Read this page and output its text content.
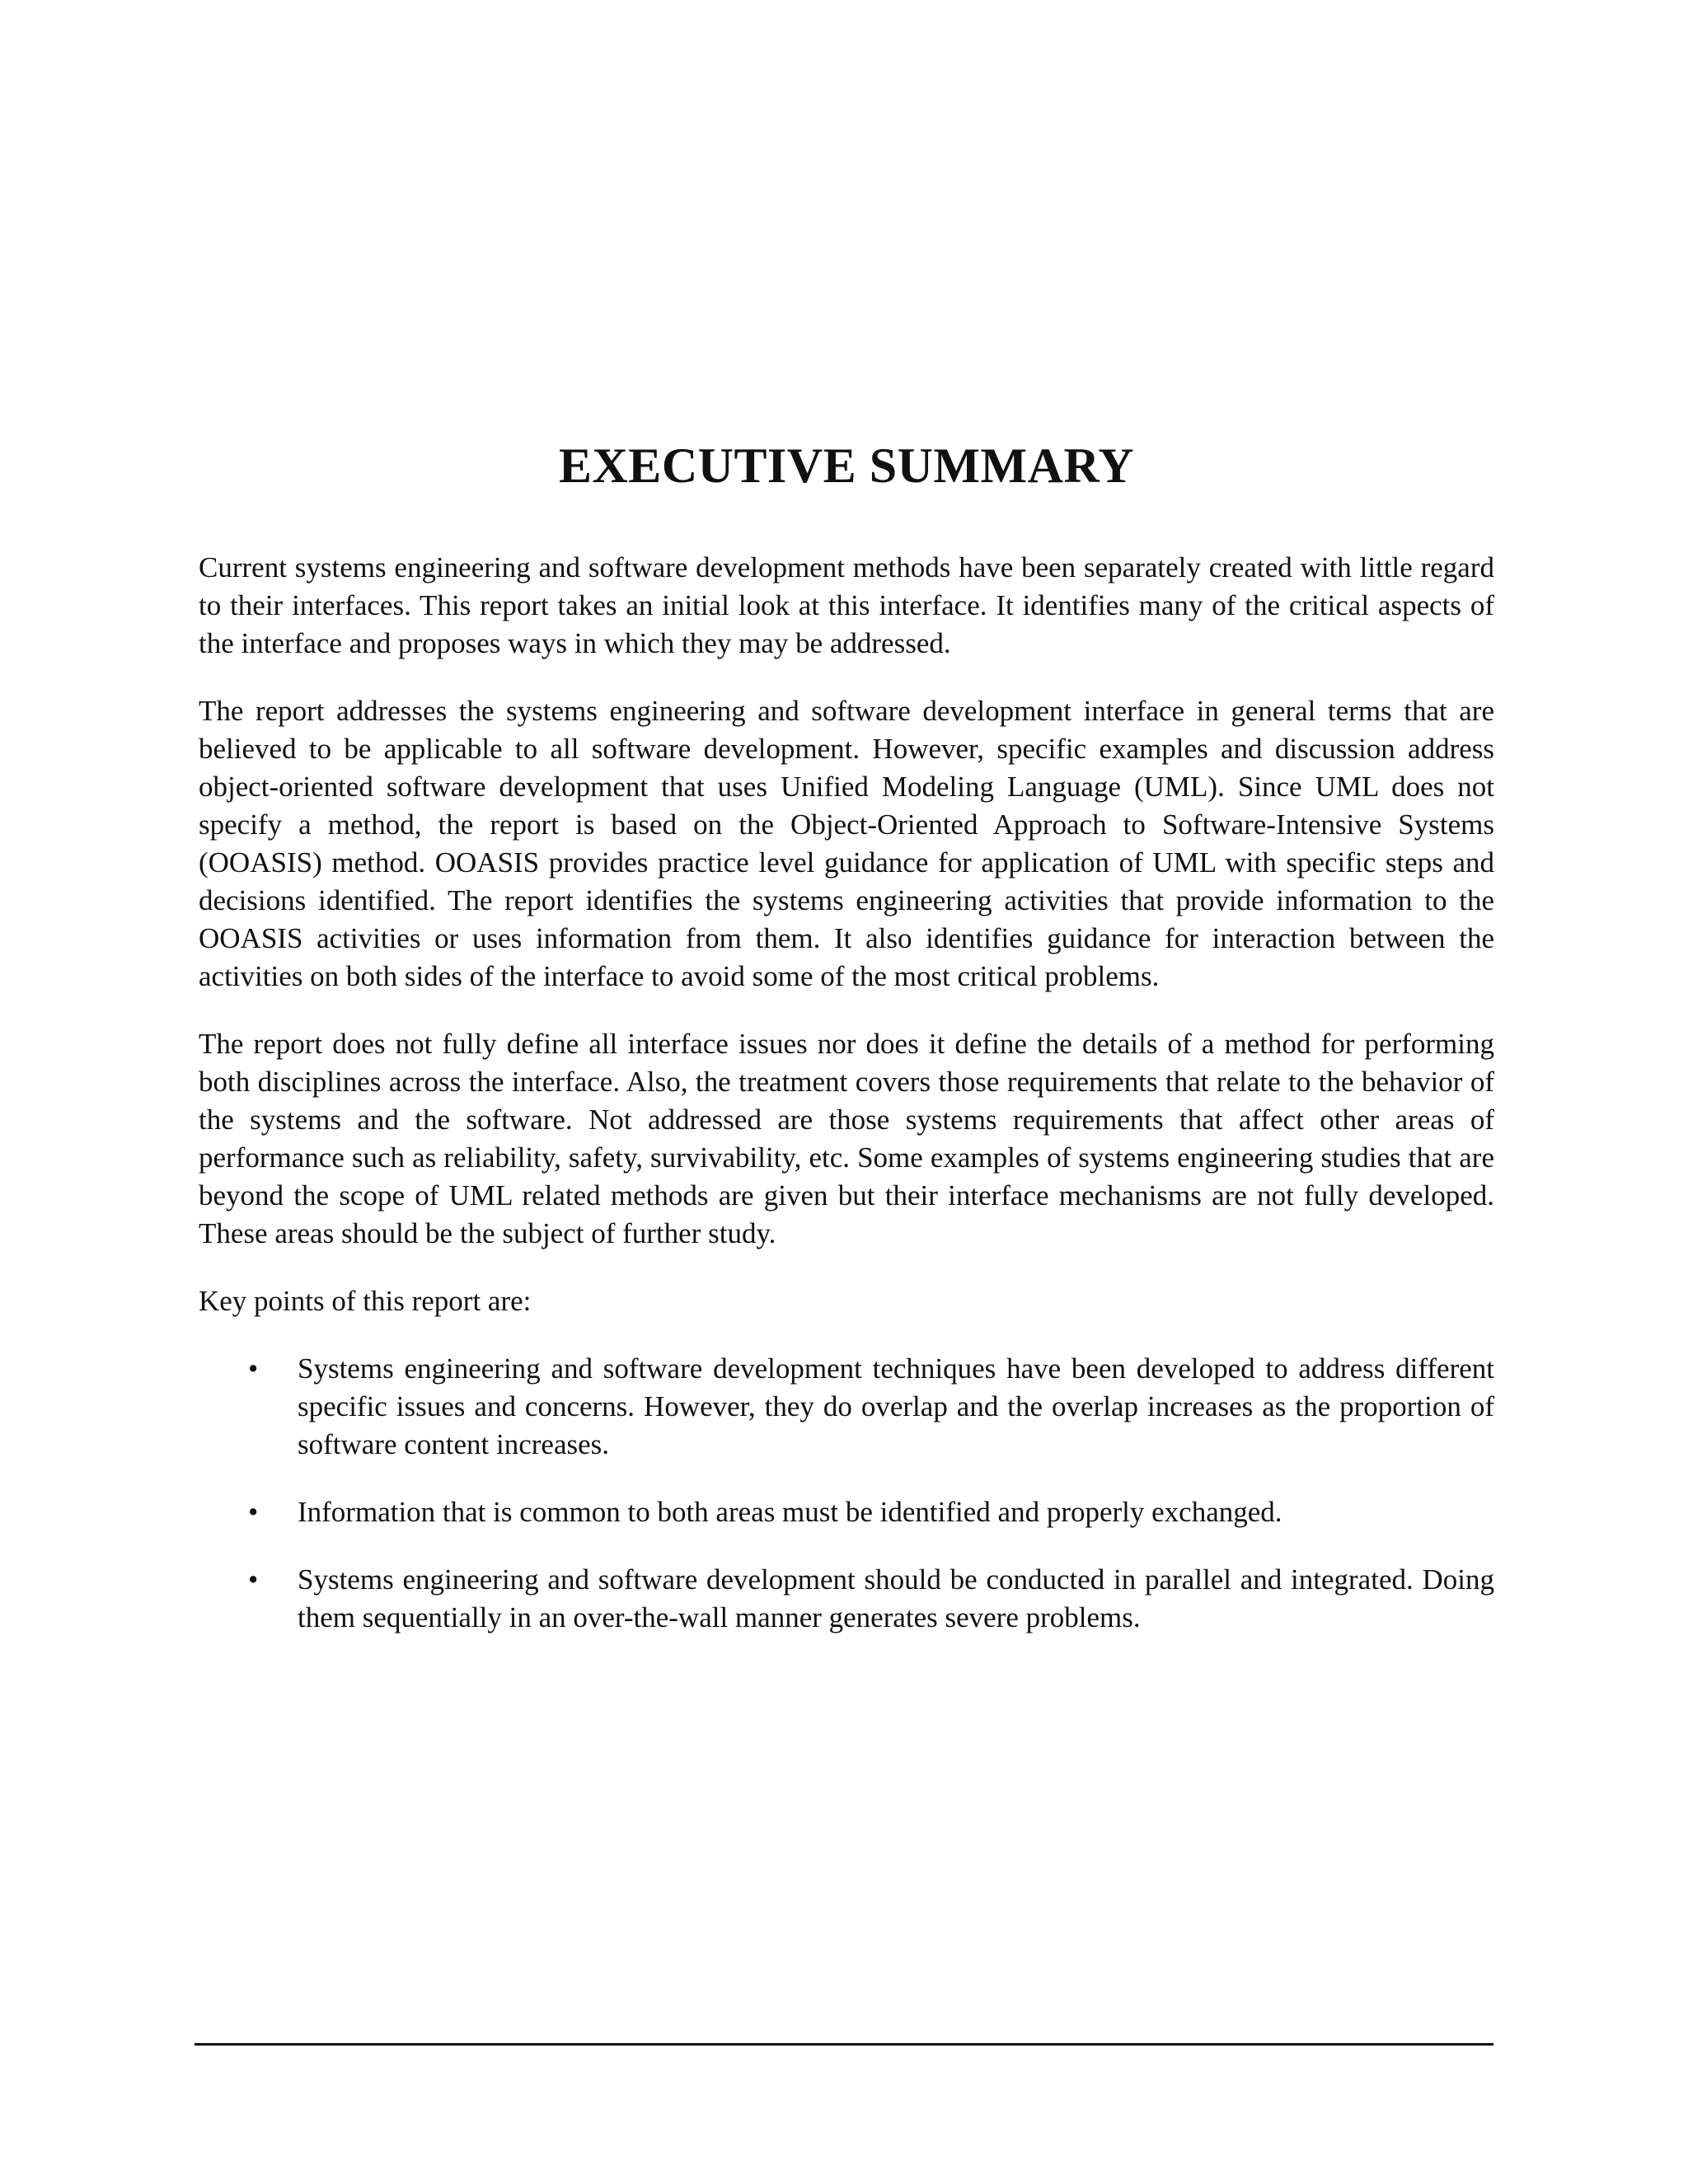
EXECUTIVE SUMMARY

Current systems engineering and software development methods have been separately created with little regard to their interfaces. This report takes an initial look at this interface. It identifies many of the critical aspects of the interface and proposes ways in which they may be addressed.

The report addresses the systems engineering and software development interface in general terms that are believed to be applicable to all software development. However, specific examples and discussion address object-oriented software development that uses Unified Modeling Language (UML). Since UML does not specify a method, the report is based on the Object-Oriented Approach to Software-Intensive Systems (OOASIS) method. OOASIS provides practice level guidance for application of UML with specific steps and decisions identified. The report identifies the systems engineering activities that provide information to the OOASIS activities or uses information from them. It also identifies guidance for interaction between the activities on both sides of the interface to avoid some of the most critical problems.

The report does not fully define all interface issues nor does it define the details of a method for performing both disciplines across the interface. Also, the treatment covers those requirements that relate to the behavior of the systems and the software. Not addressed are those systems requirements that affect other areas of performance such as reliability, safety, survivability, etc. Some examples of systems engineering studies that are beyond the scope of UML related methods are given but their interface mechanisms are not fully developed. These areas should be the subject of further study.

Key points of this report are:

•	Systems engineering and software development techniques have been developed to address different specific issues and concerns. However, they do overlap and the overlap increases as the proportion of software content increases.
•	Information that is common to both areas must be identified and properly exchanged.
•	Systems engineering and software development should be conducted in parallel and integrated. Doing them sequentially in an over-the-wall manner generates severe problems.
